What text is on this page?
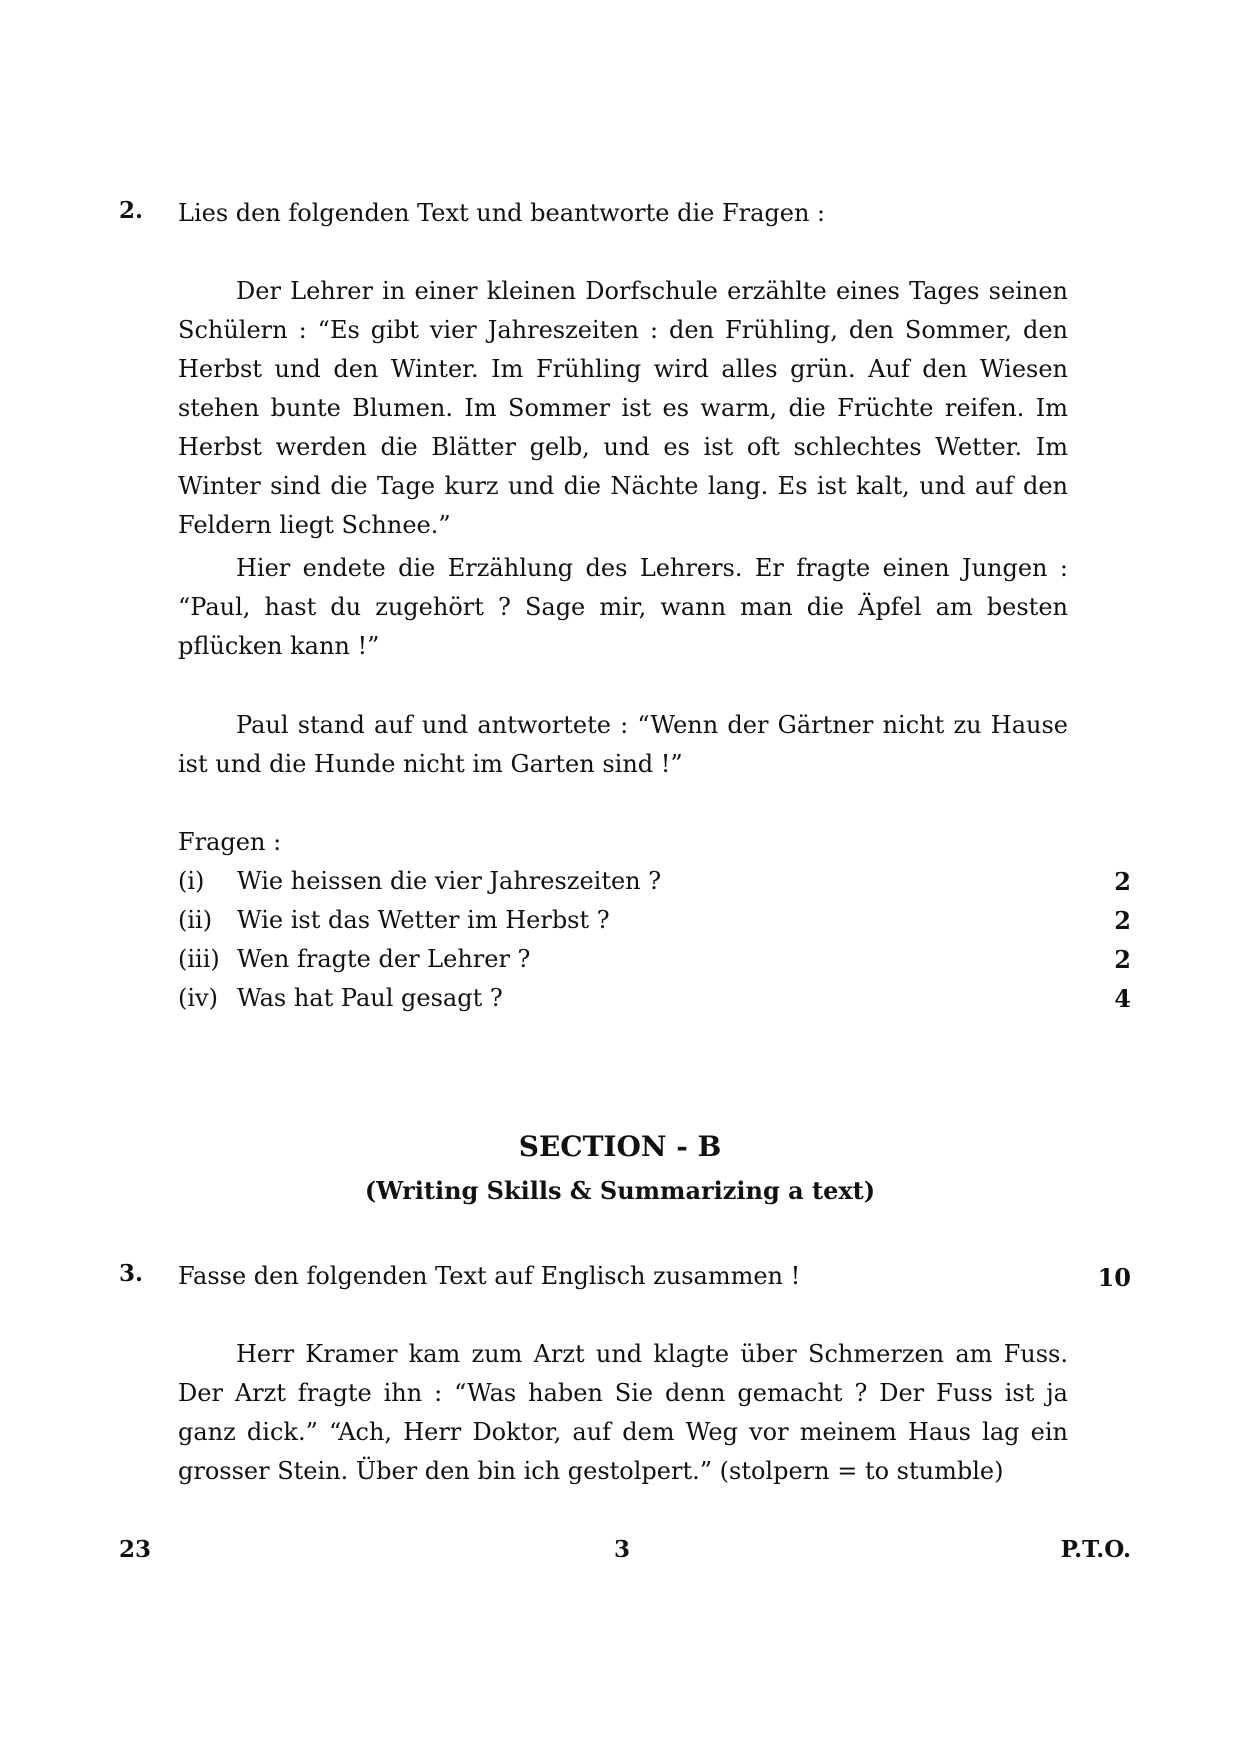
2. Lies den folgenden Text und beantworte die Fragen :

Der Lehrer in einer kleinen Dorfschule erzählte eines Tages seinen Schülern : “Es gibt vier Jahreszeiten : den Frühling, den Sommer, den Herbst und den Winter. Im Frühling wird alles grün. Auf den Wiesen stehen bunte Blumen. Im Sommer ist es warm, die Früchte reifen. Im Herbst werden die Blätter gelb, und es ist oft schlechtes Wetter. Im Winter sind die Tage kurz und die Nächte lang. Es ist kalt, und auf den Feldern liegt Schnee.”

Hier endete die Erzählung des Lehrers. Er fragte einen Jungen : “Paul, hast du zugehört ? Sage mir, wann man die Äpfel am besten pflücken kann !”

Paul stand auf und antwortete : “Wenn der Gärtner nicht zu Hause ist und die Hunde nicht im Garten sind !”

Fragen :
(i) Wie heissen die vier Jahreszeiten ?	2
(ii) Wie ist das Wetter im Herbst ?	2
(iii) Wen fragte der Lehrer ?	2
(iv) Was hat Paul gesagt ?	4
SECTION - B
(Writing Skills & Summarizing a text)
3. Fasse den folgenden Text auf Englisch zusammen !	10

Herr Kramer kam zum Arzt und klagte über Schmerzen am Fuss. Der Arzt fragte ihn : “Was haben Sie denn gemacht ? Der Fuss ist ja ganz dick.” “Ach, Herr Doktor, auf dem Weg vor meinem Haus lag ein grosser Stein. Über den bin ich gestolpert.” (stolpern = to stumble)

23	3	P.T.O.
